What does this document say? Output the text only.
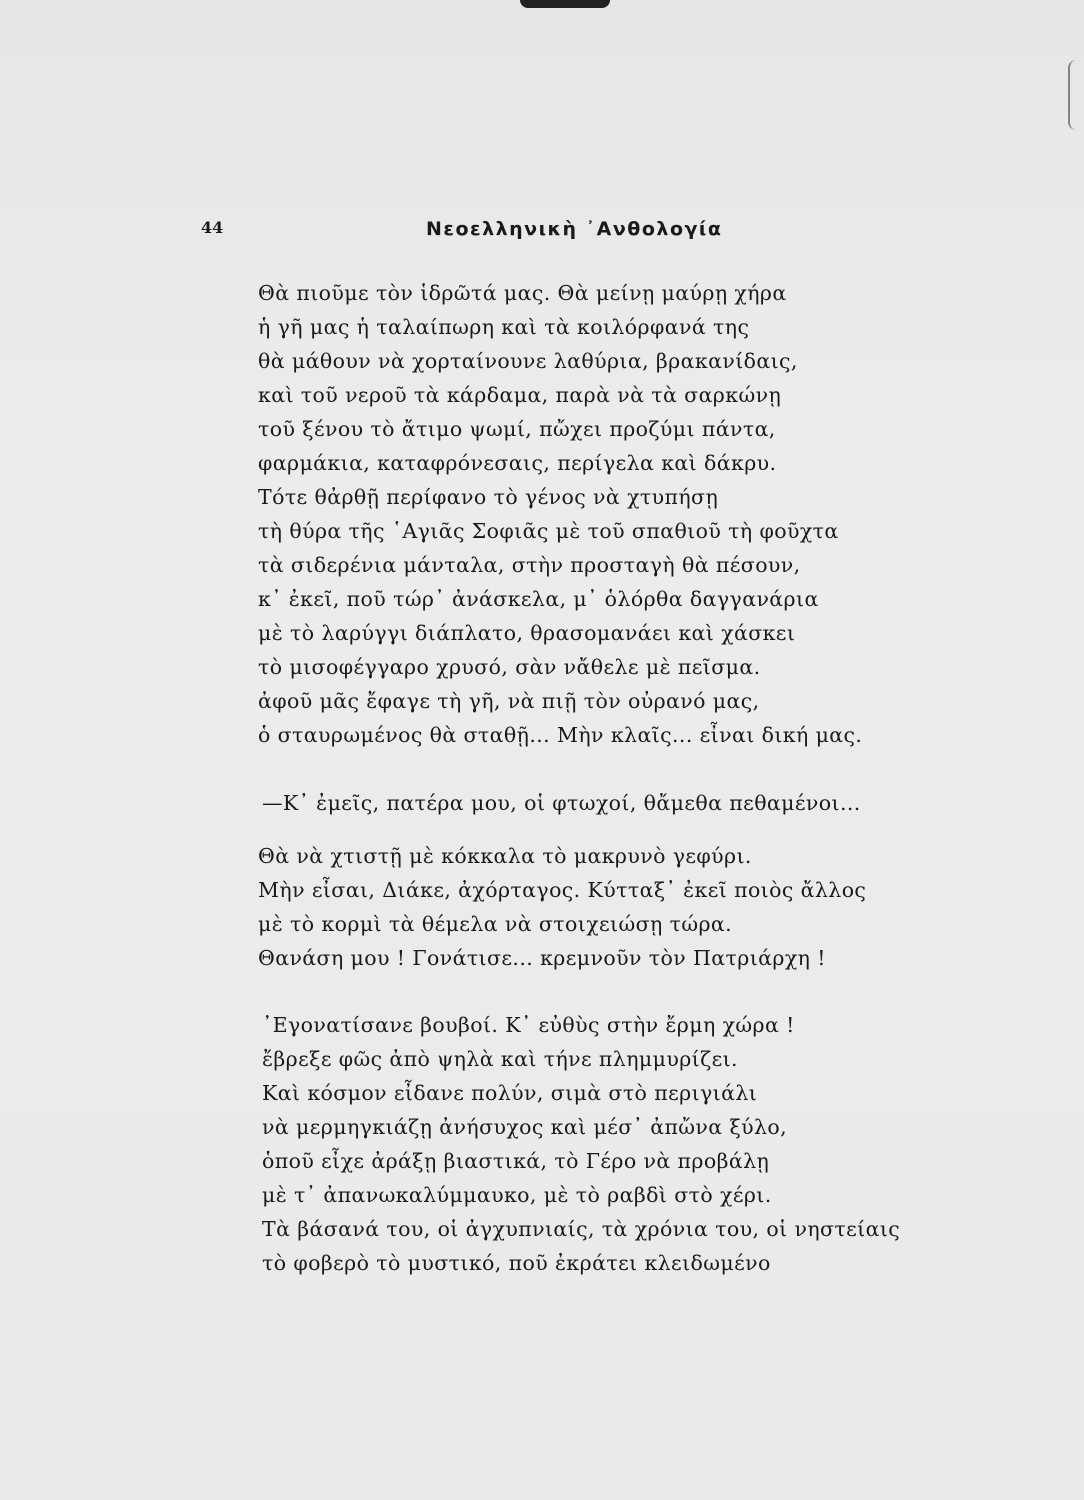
44	Νεοελληνικὴ ᾿Ανθολογία
Θὰ πιοῦμε τὸν ἱδρῶτά μας. Θὰ μείνῃ μαύρῃ χήρα
ἡ γῆ μας ἡ ταλαίπωρη καὶ τὰ κοιλόρφανά της
θὰ μάθουν νὰ χορταίνουνε λαθύρια, βρακανίδαις,
καὶ τοῦ νεροῦ τὰ κάρδαμα, παρὰ νὰ τὰ σαρκώνῃ
τοῦ ξένου τὸ ἄτιμο ψωμί, πὤχει προζύμι πάντα,
φαρμάκια, καταφρόνεσαις, περίγελα καὶ δάκρυ.
Τότε θἀρθῇ περίφανο τὸ γένος νὰ χτυπήσῃ
τὴ θύρα τῆς ῾Αγιᾶς Σοφιᾶς μὲ τοῦ σπαθιοῦ τὴ φοῦχτα
τὰ σιδερένια μάνταλα, στὴν προσταγὴ θὰ πέσουν,
κ᾿ ἐκεῖ, ποῦ τώρ᾿ ἀνάσκελα, μ᾿ ὁλόρθα δαγγανάρια
μὲ τὸ λαρύγγι διάπλατο, θρασομανάει καὶ χάσκει
τὸ μισοφέγγαρο χρυσό, σὰν νἄθελε μὲ πεῖσμα.
ἀφοῦ μᾶς ἔφαγε τὴ γῆ, νὰ πιῇ τὸν οὐρανό μας,
ὁ σταυρωμένος θὰ σταθῇ... Μὴν κλαῖς... εἶναι δική μας.
—Κ᾿ ἐμεῖς, πατέρα μου, οἱ φτωχοί, θἄμεθα πεθαμένοι...
Θὰ νὰ χτιστῇ μὲ κόκκαλα τὸ μακρυνὸ γεφύρι.
Μὴν εἶσαι, Διάκε, ἀχόρταγος. Κύτταξ᾿ ἐκεῖ ποιὸς ἄλλος
μὲ τὸ κορμὶ τὰ θέμελα νὰ στοιχειώσῃ τώρα.
Θανάση μου ! Γονάτισε... κρεμνοῦν τὸν Πατριάρχη !
᾿Εγονατίσανε βουβοί. Κ᾿ εὐθὺς στὴν ἔρμη χώρα !
ἔβρεξε φῶς ἀπὸ ψηλὰ καὶ τήνε πλημμυρίζει.
Καὶ κόσμον εἶδανε πολύν, σιμὰ στὸ περιγιάλι
νὰ μερμηγκιάζῃ ἀνήσυχος καὶ μέσ᾿ ἀπὤνα ξύλο,
ὁποῦ εἶχε ἀράξῃ βιαστικά, τὸ Γέρο νὰ προβάλῃ
μὲ τ᾿ ἀπανωκαλύμμαυκο, μὲ τὸ ραβδὶ στὸ χέρι.
Τὰ βάσανά του, οἱ ἀγχυπνιαίς, τὰ χρόνια του, οἱ νηστείαις
τὸ φοβερὸ τὸ μυστικό, ποῦ ἐκράτει κλειδωμένο
